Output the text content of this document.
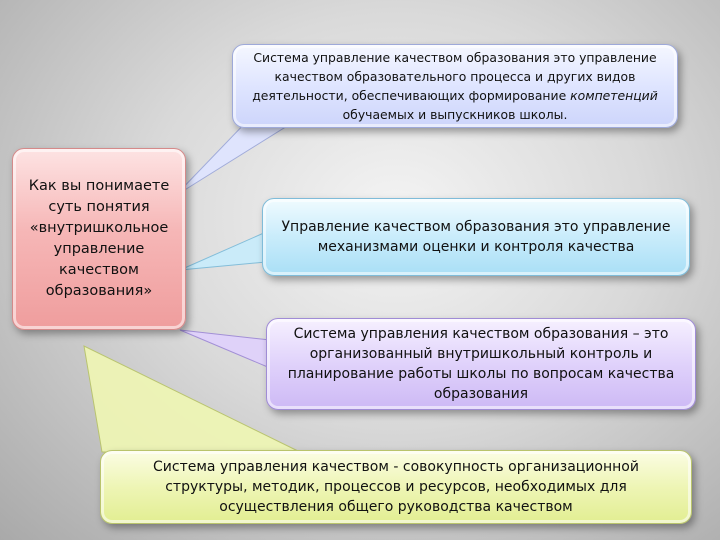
Система управления качеством - совокупность организационной структуры, методик, процессов и ресурсов, необходимых для осуществления общего руководства качеством
Как вы понимаете суть понятия «внутришкольное управление качеством образования»
Система управление качеством образования это управление качеством образовательного процесса и других видов деятельности, обеспечивающих формирование компетенций обучаемых и выпускников школы.
Управление качеством образования это управление механизмами оценки и контроля качества
Система управления качеством образования – это организованный внутришкольный контроль и планирование работы школы по вопросам качества образования
